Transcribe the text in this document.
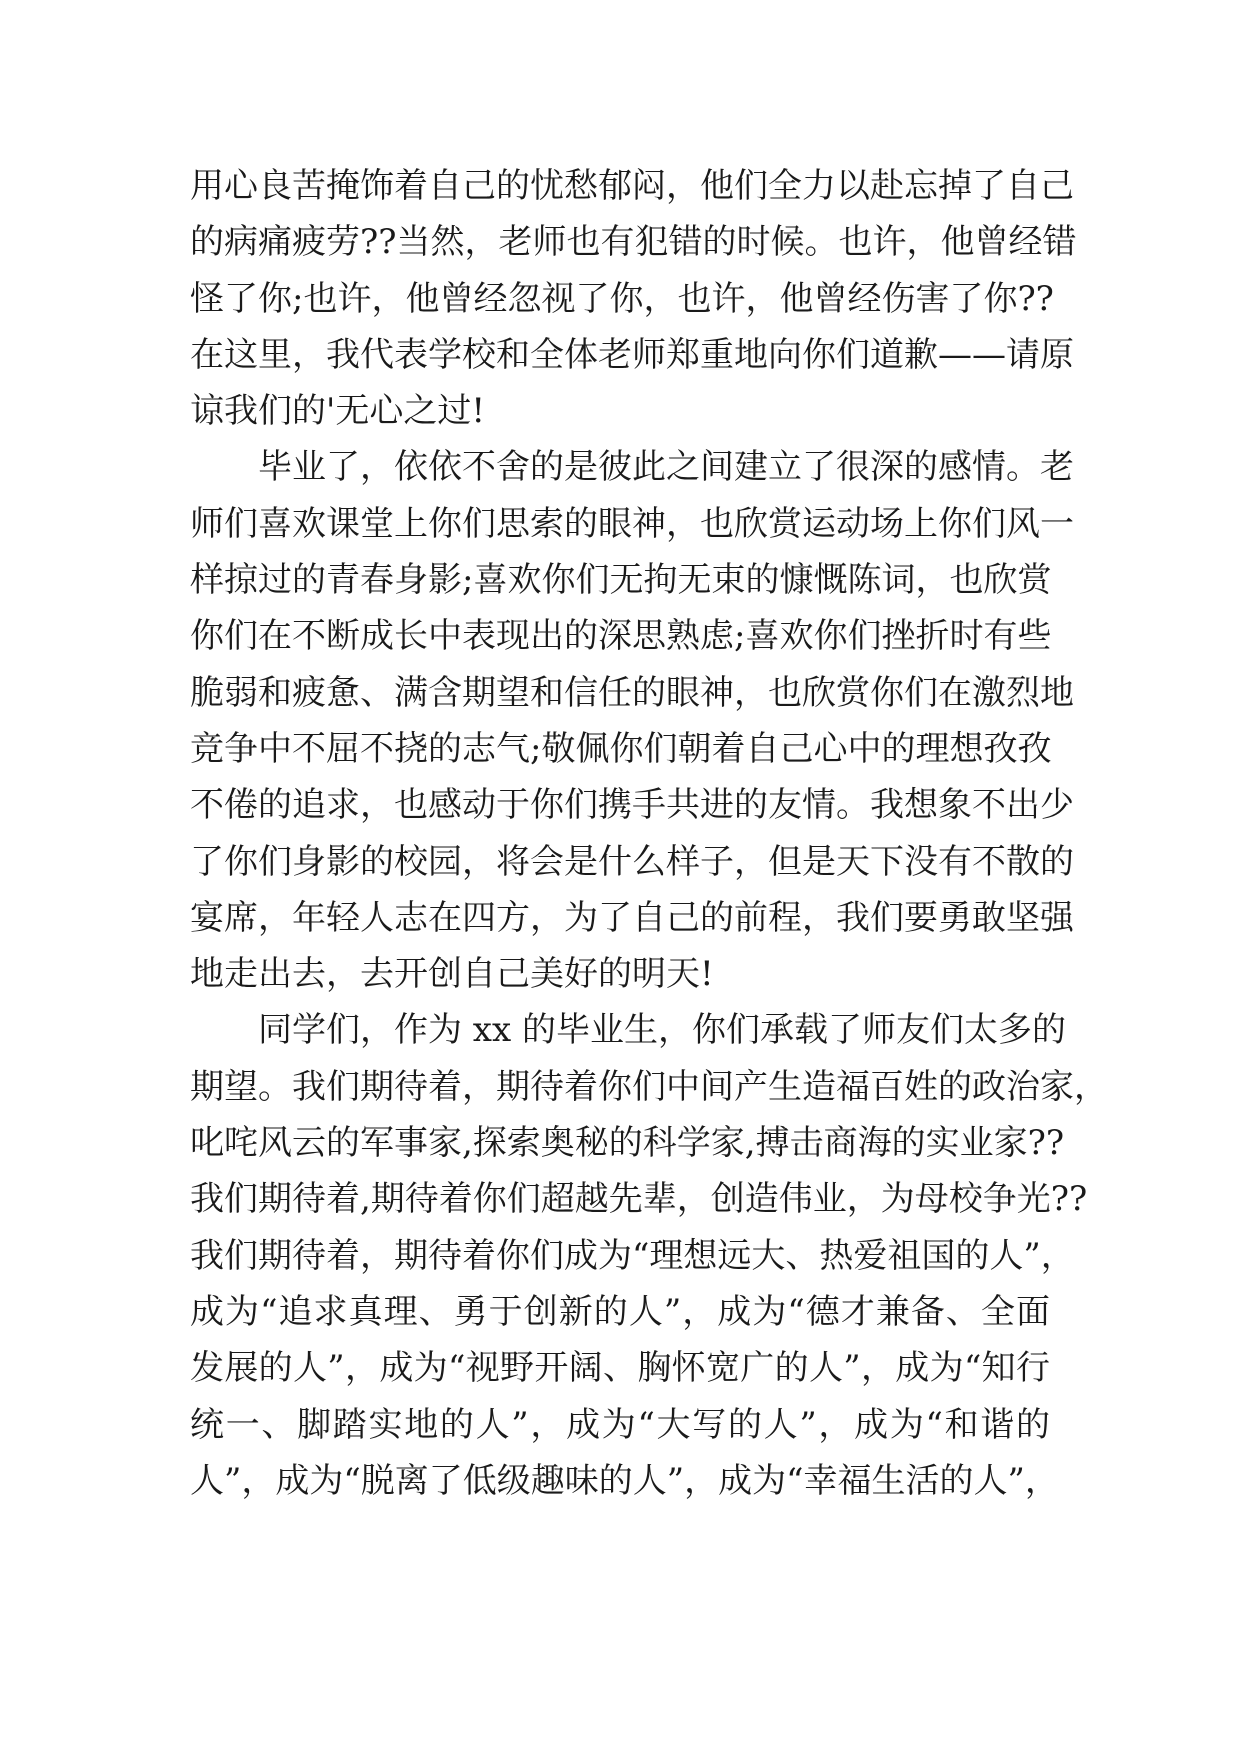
用心良苦掩饰着自己的忧愁郁闷，他们全力以赴忘掉了自己
的病痛疲劳??当然，老师也有犯错的时候。也许，他曾经错
怪了你;也许，他曾经忽视了你，也许，他曾经伤害了你??
在这里，我代表学校和全体老师郑重地向你们道歉——请原
谅我们的'无心之过!
毕业了，依依不舍的是彼此之间建立了很深的感情。老
师们喜欢课堂上你们思索的眼神，也欣赏运动场上你们风一
样掠过的青春身影;喜欢你们无拘无束的慷慨陈词，也欣赏
你们在不断成长中表现出的深思熟虑;喜欢你们挫折时有些
脆弱和疲惫、满含期望和信任的眼神，也欣赏你们在激烈地
竞争中不屈不挠的志气;敬佩你们朝着自己心中的理想孜孜
不倦的追求，也感动于你们携手共进的友情。我想象不出少
了你们身影的校园，将会是什么样子，但是天下没有不散的
宴席，年轻人志在四方，为了自己的前程，我们要勇敢坚强
地走出去，去开创自己美好的明天!
同学们，作为 xx 的毕业生，你们承载了师友们太多的
期望。我们期待着，期待着你们中间产生造福百姓的政治家，
叱咤风云的军事家,探索奥秘的科学家,搏击商海的实业家??
我们期待着,期待着你们超越先辈，创造伟业，为母校争光??
我们期待着，期待着你们成为“理想远大、热爱祖国的人”，
成为“追求真理、勇于创新的人”，成为“德才兼备、全面
发展的人”，成为“视野开阔、胸怀宽广的人”，成为“知行
统一、脚踏实地的人”，成为“大写的人”，成为“和谐的
人”，成为“脱离了低级趣味的人”，成为“幸福生活的人”，
